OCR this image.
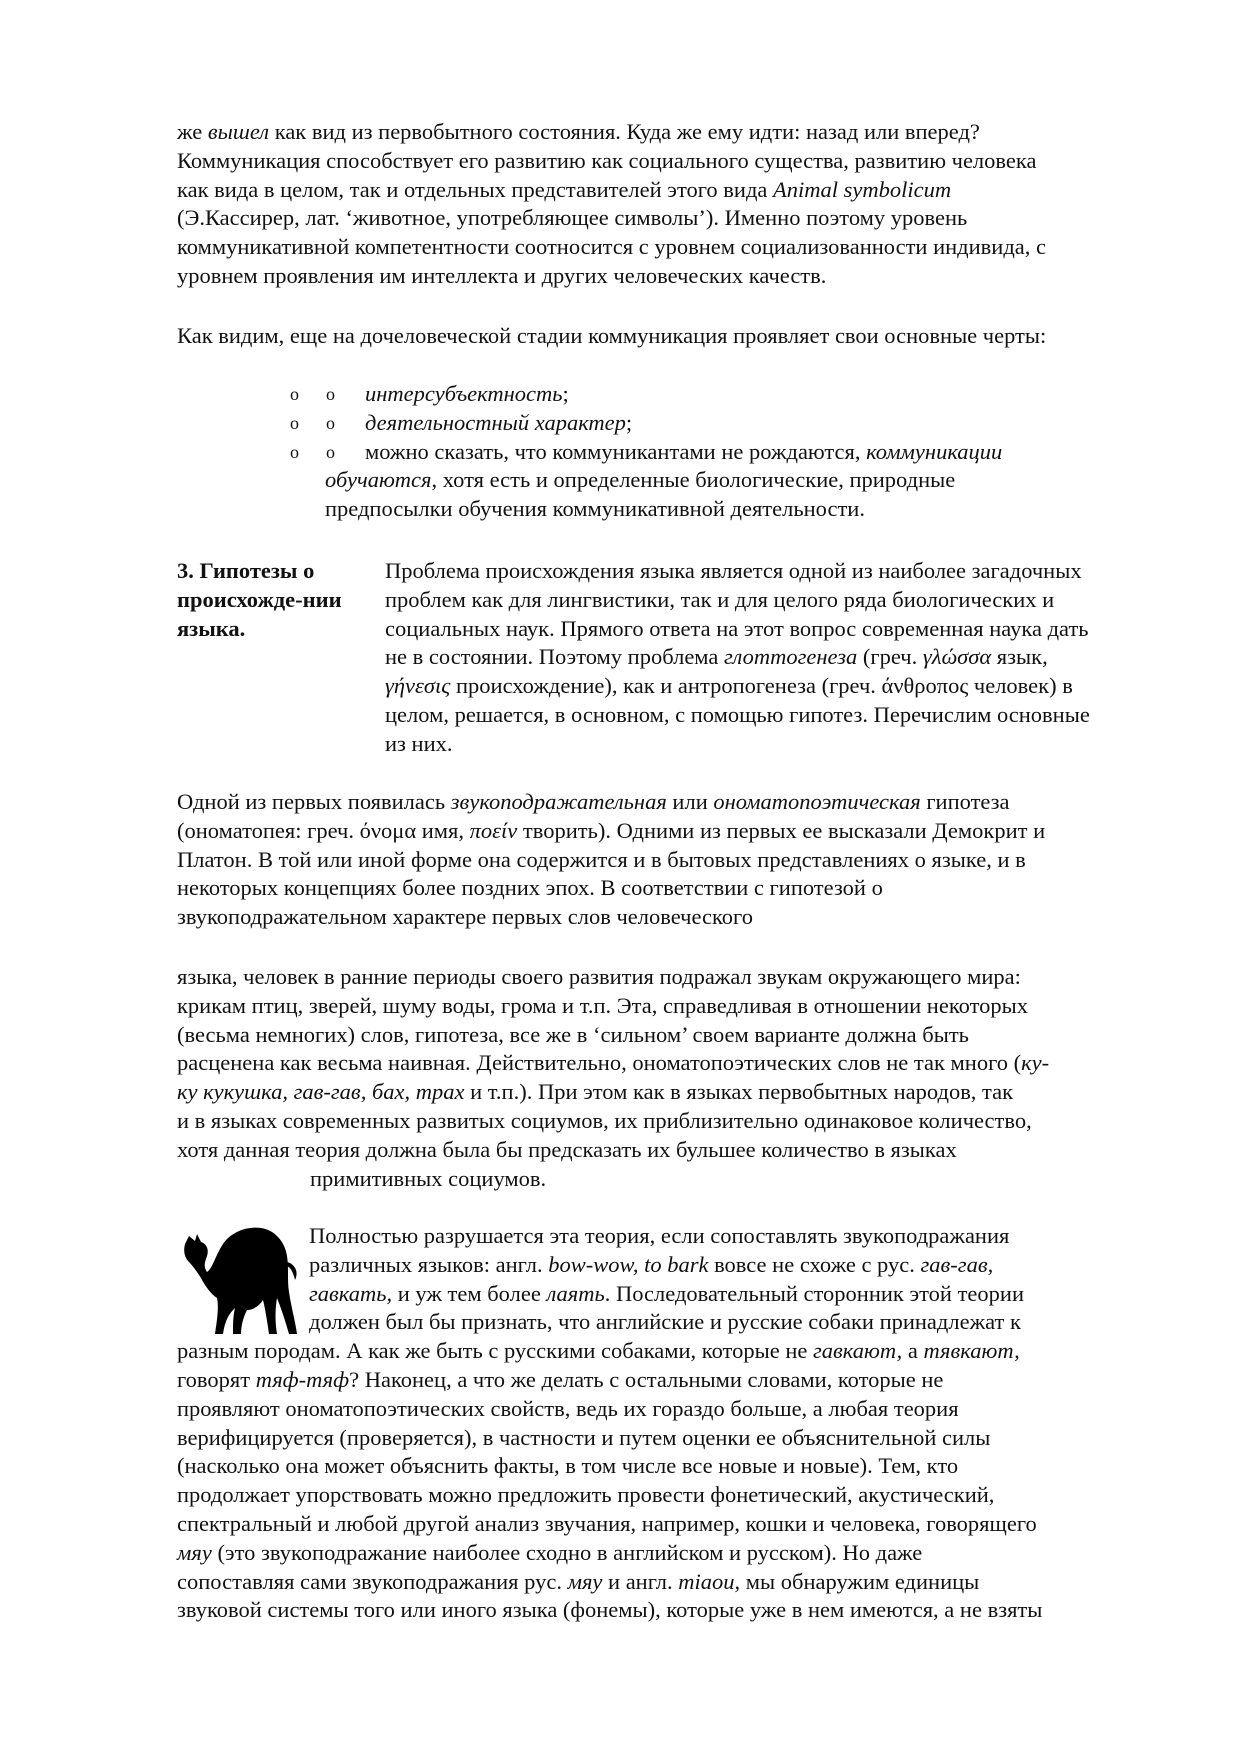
же вышел как вид из первобытного состояния. Куда же ему идти: назад или вперед?
Коммуникация способствует его развитию как социального существа, развитию человека
как вида в целом, так и отдельных представителей этого вида Animal symbolicum
(Э.Кассирер, лат. ‘животное, употребляющее символы’). Именно поэтому уровень
коммуникативной компетентности соотносится с уровнем социализованности индивида, с
уровнем проявления им интеллекта и других человеческих качеств.
Как видим, еще на дочеловеческой стадии коммуникация проявляет свои основные черты:
o o интерсубъектность;
o o деятельностный характер;
o o можно сказать, что коммуникантами не рождаются, коммуникации
обучаются, хотя есть и определенные биологические, природные
предпосылки обучения коммуникативной деятельности.
3. Гипотезы о
происхожде-нии
языка.
Проблема происхождения языка является одной из наиболее загадочных
проблем как для лингвистики, так и для целого ряда биологических и
социальных наук. Прямого ответа на этот вопрос современная наука дать
не в состоянии. Поэтому проблема глоттогенеза (греч. γλώσσα язык,
γήνεσις происхождение), как и антропогенеза (греч. άνθρoπος человек) в
целом, решается, в основном, с помощью гипотез. Перечислим основные
из них.
Одной из первых появилась звукоподражательная или ономатопоэтическая гипотеза
(ономатопея: греч. όνoμα имя, ποείν творить). Одними из первых ее высказали Демокрит и
Платон. В той или иной форме она содержится и в бытовых представлениях о языке, и в
некоторых концепциях более поздних эпох. В соответствии с гипотезой о
звукоподражательном характере первых слов человеческого
языка, человек в ранние периоды своего развития подражал звукам окружающего мира:
крикам птиц, зверей, шуму воды, грома и т.п. Эта, справедливая в отношении некоторых
(весьма немногих) слов, гипотеза, все же в ‘сильном’ своем варианте должна быть
расценена как весьма наивная. Действительно, ономатопоэтических слов не так много (ку-
ку кукушка, гав-гав, бах, трах и т.п.). При этом как в языках первобытных народов, так
и в языках современных развитых социумов, их приблизительно одинаковое количество,
хотя данная теория должна была бы предсказать их бульшее количество в языках
примитивных социумов.
Полностью разрушается эта теория, если сопоставлять звукоподражания
различных языков: англ. bow-wow, to bark вовсе не схоже с рус. гав-гав,
гавкать, и уж тем более лаять. Последовательный сторонник этой теории
должен был бы признать, что английские и русские собаки принадлежат к
разным породам. А как же быть с русскими собаками, которые не гавкают, а тявкают,
говорят тяф-тяф? Наконец, а что же делать с остальными словами, которые не
проявляют ономатопоэтических свойств, ведь их гораздо больше, а любая теория
верифицируется (проверяется), в частности и путем оценки ее объяснительной силы
(насколько она может объяснить факты, в том числе все новые и новые). Тем, кто
продолжает упорствовать можно предложить провести фонетический, акустический,
спектральный и любой другой анализ звучания, например, кошки и человека, говорящего
мяу (это звукоподражание наиболее сходно в английском и русском). Но даже
сопоставляя сами звукоподражания рус. мяу и англ. miaou, мы обнаружим единицы
звуковой системы того или иного языка (фонемы), которые уже в нем имеются, а не взяты
